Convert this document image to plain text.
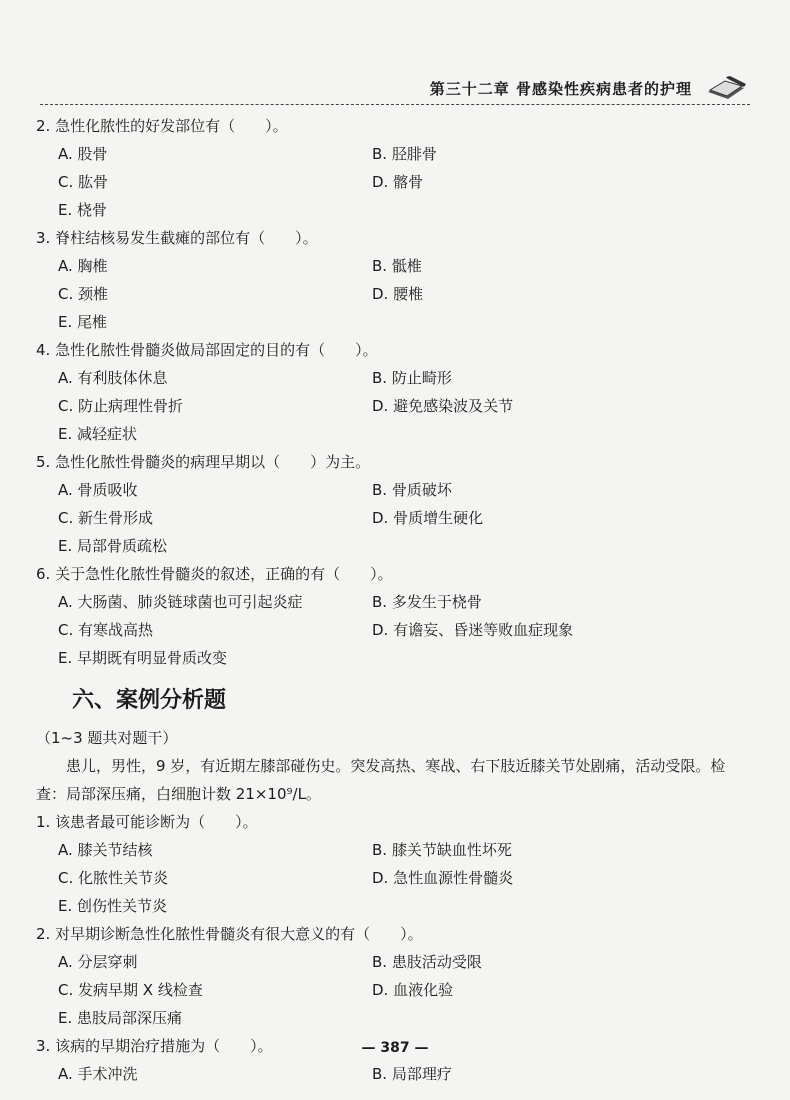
第三十二章 骨感染性疾病患者的护理
2. 急性化脓性的好发部位有（　　）。
A. 股骨	B. 胫腓骨
C. 肱骨	D. 髂骨
E. 桡骨
3. 脊柱结核易发生截瘫的部位有（　　）。
A. 胸椎	B. 骶椎
C. 颈椎	D. 腰椎
E. 尾椎
4. 急性化脓性骨髓炎做局部固定的目的有（　　）。
A. 有利肢体休息	B. 防止畸形
C. 防止病理性骨折	D. 避免感染波及关节
E. 减轻症状
5. 急性化脓性骨髓炎的病理早期以（　　）为主。
A. 骨质吸收	B. 骨质破坏
C. 新生骨形成	D. 骨质增生硬化
E. 局部骨质疏松
6. 关于急性化脓性骨髓炎的叙述，正确的有（　　）。
A. 大肠菌、肺炎链球菌也可引起炎症	B. 多发生于桡骨
C. 有寒战高热	D. 有谵妄、昏迷等败血症现象
E. 早期既有明显骨质改变
六、案例分析题
（1~3 题共对题干）
患儿，男性，9 岁，有近期左膝部碰伤史。突发高热、寒战、右下肢近膝关节处剧痛，活动受限。检查：局部深压痛，白细胞计数 21×10⁹/L。
1. 该患者最可能诊断为（　　）。
A. 膝关节结核	B. 膝关节缺血性坏死
C. 化脓性关节炎	D. 急性血源性骨髓炎
E. 创伤性关节炎
2. 对早期诊断急性化脓性骨髓炎有很大意义的有（　　）。
A. 分层穿刺	B. 患肢活动受限
C. 发病早期 X 线检查	D. 血液化验
E. 患肢局部深压痛
3. 该病的早期治疗措施为（　　）。
A. 手术冲洗	B. 局部理疗
— 387 —
